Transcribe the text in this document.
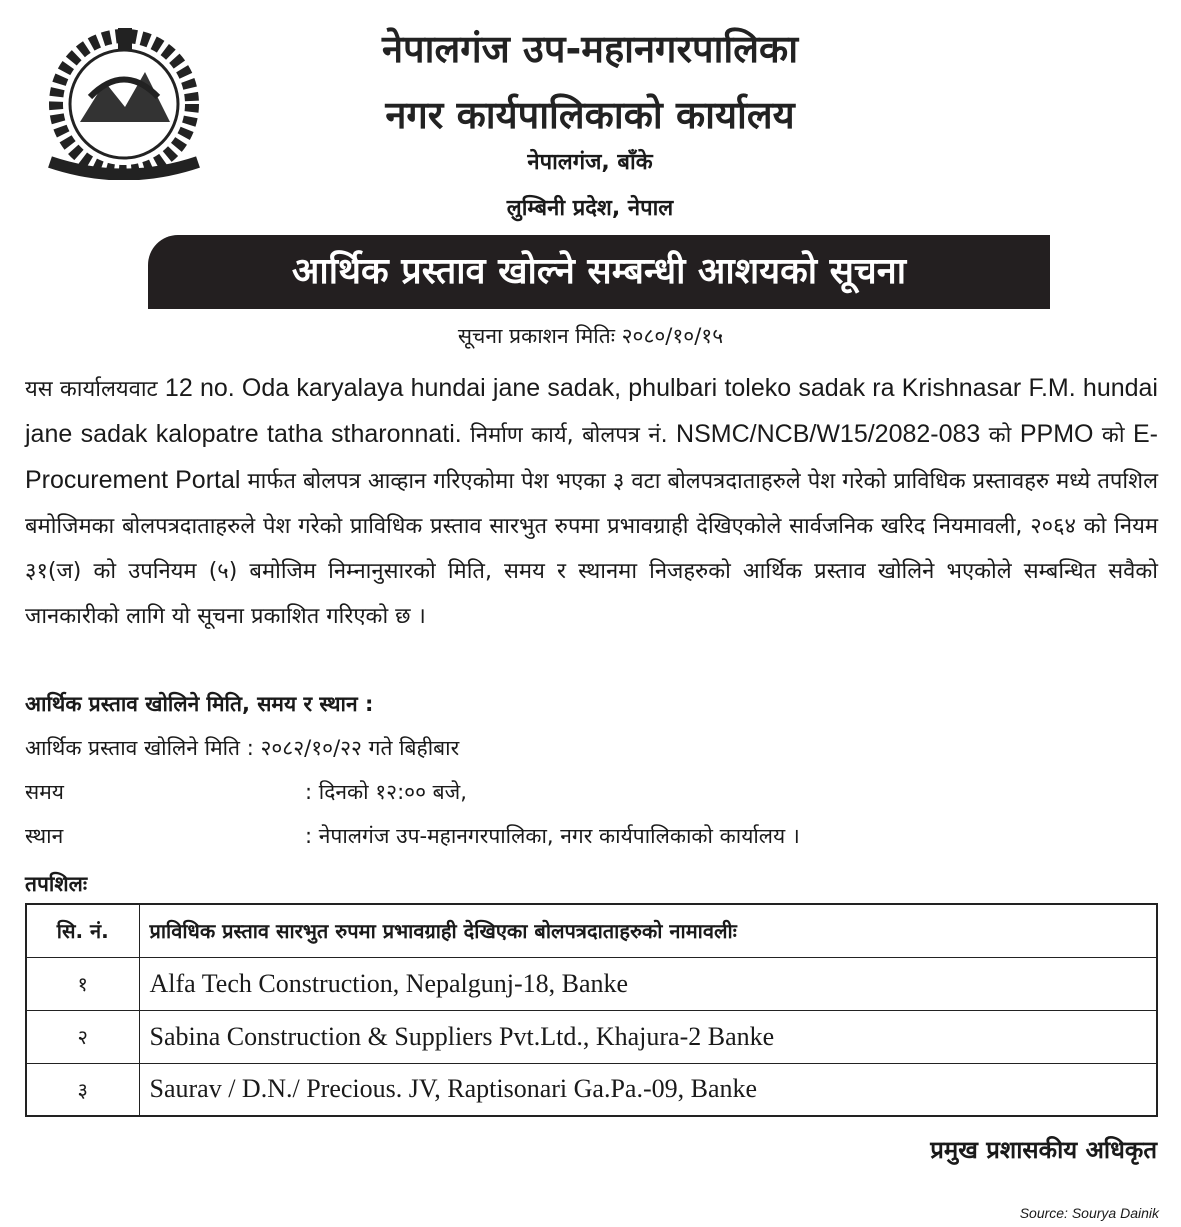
नेपालगंज उप-महानगरपालिका
नगर कार्यपालिकाको कार्यालय
नेपालगंज, बाँके
लुम्बिनी प्रदेश, नेपाल
आर्थिक प्रस्ताव खोल्ने सम्बन्धी आशयको सूचना
सूचना प्रकाशन मितिः २०८०/१०/१५
यस कार्यालयवाट 12 no. Oda karyalaya hundai jane sadak, phulbari toleko sadak ra Krishnasar F.M. hundai jane sadak kalopatre tatha stharonnati. निर्माण कार्य, बोलपत्र नं. NSMC/NCB/W15/2082-083 को PPMO को E-Procurement Portal मार्फत बोलपत्र आव्हान गरिएकोमा पेश भएका ३ वटा बोलपत्रदाताहरुले पेश गरेको प्राविधिक प्रस्तावहरु मध्ये तपशिल बमोजिमका बोलपत्रदाताहरुले पेश गरेको प्राविधिक प्रस्ताव सारभुत रुपमा प्रभावग्राही देखिएकोले सार्वजनिक खरिद नियमावली, २०६४ को नियम ३१(ज) को उपनियम (५) बमोजिम निम्नानुसारको मिति, समय र स्थानमा निजहरुको आर्थिक प्रस्ताव खोलिने भएकोले सम्बन्धित सवैको जानकारीको लागि यो सूचना प्रकाशित गरिएको छ ।
आर्थिक प्रस्ताव खोलिने मिति, समय र स्थान :
आर्थिक प्रस्ताव खोलिने मिति : २०८२/१०/२२ गते बिहीबार
समय	: दिनको १२:०० बजे,
स्थान	: नेपालगंज उप-महानगरपालिका, नगर कार्यपालिकाको कार्यालय ।
तपशिलः
सि. नं.	प्राविधिक प्रस्ताव सारभुत रुपमा प्रभावग्राही देखिएका बोलपत्रदाताहरुको नामावलीः
१	Alfa Tech Construction, Nepalgunj-18, Banke
२	Sabina Construction & Suppliers Pvt.Ltd., Khajura-2 Banke
३	Saurav / D.N./ Precious. JV, Raptisonari Ga.Pa.-09, Banke
प्रमुख प्रशासकीय अधिकृत
Source: Sourya Dainik
